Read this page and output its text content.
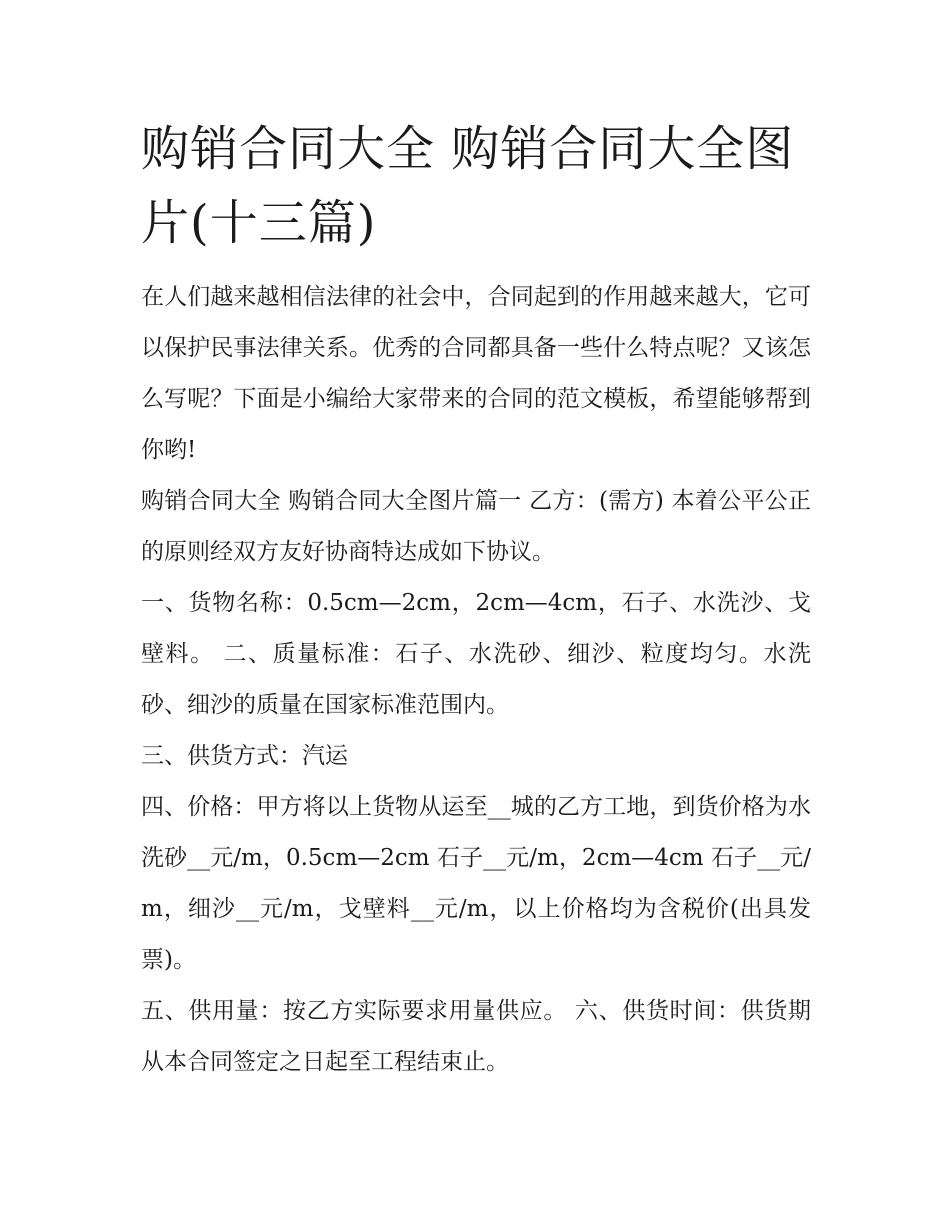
购销合同大全 购销合同大全图片(十三篇)

在人们越来越相信法律的社会中，合同起到的作用越来越大，它可以保护民事法律关系。优秀的合同都具备一些什么特点呢？又该怎么写呢？下面是小编给大家带来的合同的范文模板，希望能够帮到你哟!

购销合同大全 购销合同大全图片篇一 乙方：(需方) 本着公平公正的原则经双方友好协商特达成如下协议。

一、货物名称：0.5cm—2cm，2cm—4cm，石子、水洗沙、戈壁料。 二、质量标准：石子、水洗砂、细沙、粒度均匀。水洗砂、细沙的质量在国家标准范围内。

三、供货方式：汽运

四、价格：甲方将以上货物从运至__城的乙方工地，到货价格为水洗砂__元/m，0.5cm—2cm 石子__元/m，2cm—4cm 石子__元/m，细沙__元/m，戈壁料__元/m，以上价格均为含税价(出具发票)。

五、供用量：按乙方实际要求用量供应。 六、供货时间：供货期从本合同签定之日起至工程结束止。
